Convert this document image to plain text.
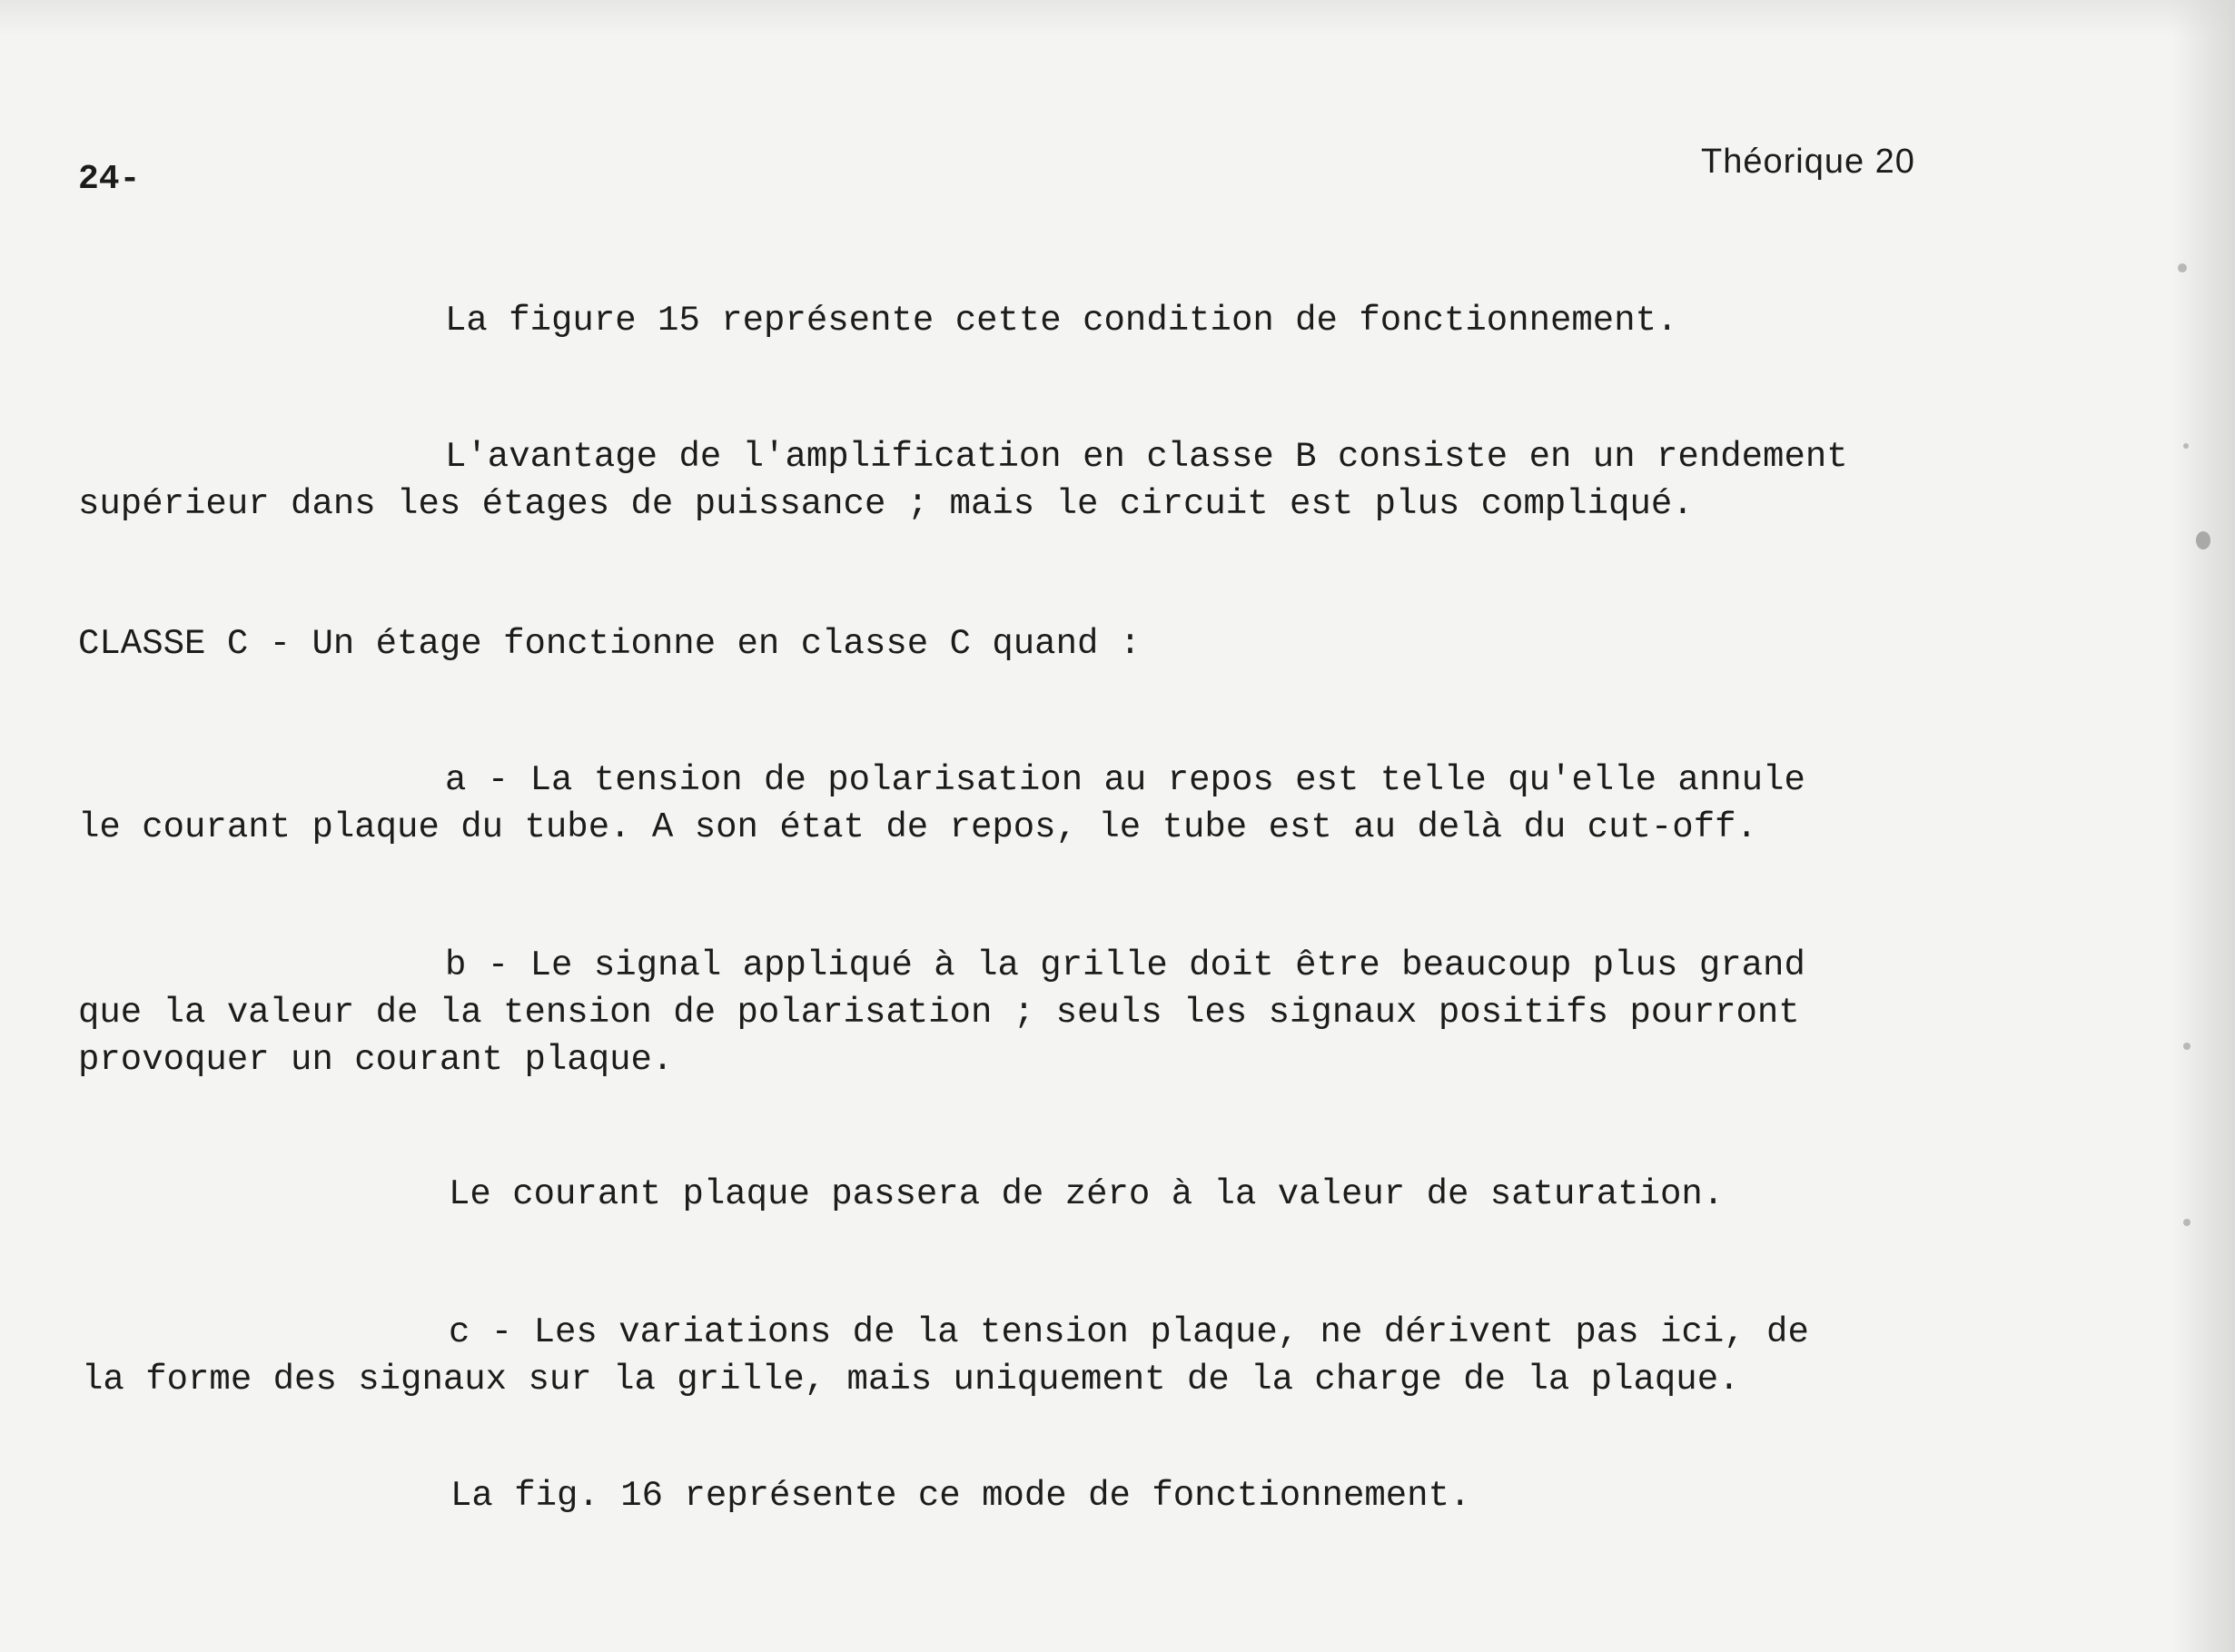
24-	Théorique 20

La figure 15 représente cette condition de fonctionnement.

L'avantage de l'amplification en classe B consiste en un rendement

supérieur dans les étages de puissance ; mais le circuit est plus compliqué.

CLASSE C - Un étage fonctionne en classe C quand :

a - La tension de polarisation au repos est telle qu'elle annule

le courant plaque du tube. A son état de repos, le tube est au delà du cut-off.

b - Le signal appliqué à la grille doit être beaucoup plus grand

que la valeur de la tension de polarisation ; seuls les signaux positifs pourront

provoquer un courant plaque.

Le courant plaque passera de zéro à la valeur de saturation.

c - Les variations de la tension plaque, ne dérivent pas ici, de

la forme des signaux sur la grille, mais uniquement de la charge de la plaque.

La fig. 16 représente ce mode de fonctionnement.
